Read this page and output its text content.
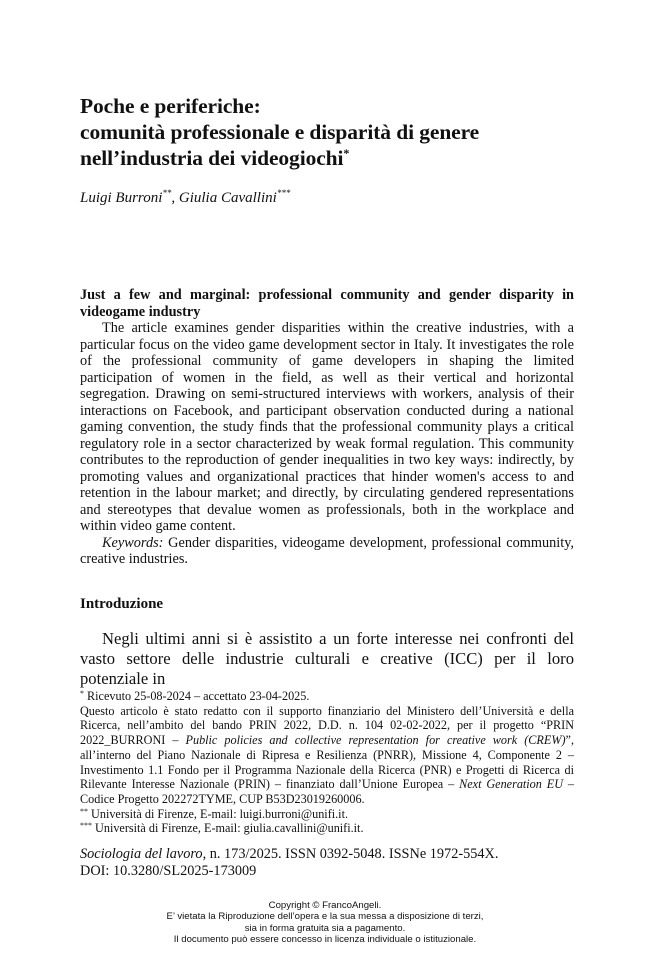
Poche e periferiche:
comunità professionale e disparità di genere
nell’industria dei videogiochi*
Luigi Burroni**, Giulia Cavallini***
Just a few and marginal: professional community and gender disparity in videogame industry

The article examines gender disparities within the creative industries, with a particular focus on the video game development sector in Italy. It investigates the role of the professional community of game developers in shaping the limited participation of women in the field, as well as their vertical and horizontal segregation. Drawing on semi-structured interviews with workers, analysis of their interactions on Facebook, and participant observation conducted during a national gaming convention, the study finds that the professional community plays a critical regulatory role in a sector characterized by weak formal regulation. This community contributes to the reproduction of gender inequalities in two key ways: indirectly, by promoting values and organizational practices that hinder women's access to and retention in the labour market; and directly, by circulating gendered representations and stereotypes that devalue women as professionals, both in the workplace and within video game content.

Keywords: Gender disparities, videogame development, professional community, creative industries.

Introduzione

Negli ultimi anni si è assistito a un forte interesse nei confronti del vasto settore delle industrie culturali e creative (ICC) per il loro potenziale in

* Ricevuto 25-08-2024 – accettato 23-04-2025.
Questo articolo è stato redatto con il supporto finanziario del Ministero dell’Università e della Ricerca, nell’ambito del bando PRIN 2022, D.D. n. 104 02-02-2022, per il progetto “PRIN 2022_BURRONI – Public policies and collective representation for creative work (CREW)”, all’interno del Piano Nazionale di Ripresa e Resilienza (PNRR), Missione 4, Componente 2 – Investimento 1.1 Fondo per il Programma Nazionale della Ricerca (PNR) e Progetti di Ricerca di Rilevante Interesse Nazionale (PRIN) – finanziato dall’Unione Europea – Next Generation EU – Codice Progetto 202272TYME, CUP B53D23019260006.
** Università di Firenze, E-mail: luigi.burroni@unifi.it.
*** Università di Firenze, E-mail: giulia.cavallini@unifi.it.
Sociologia del lavoro, n. 173/2025. ISSN 0392-5048. ISSNe 1972-554X.
DOI: 10.3280/SL2025-173009
Copyright © FrancoAngeli.
E’ vietata la Riproduzione dell’opera e la sua messa a disposizione di terzi,
sia in forma gratuita sia a pagamento.
Il documento può essere concesso in licenza individuale o istituzionale.
